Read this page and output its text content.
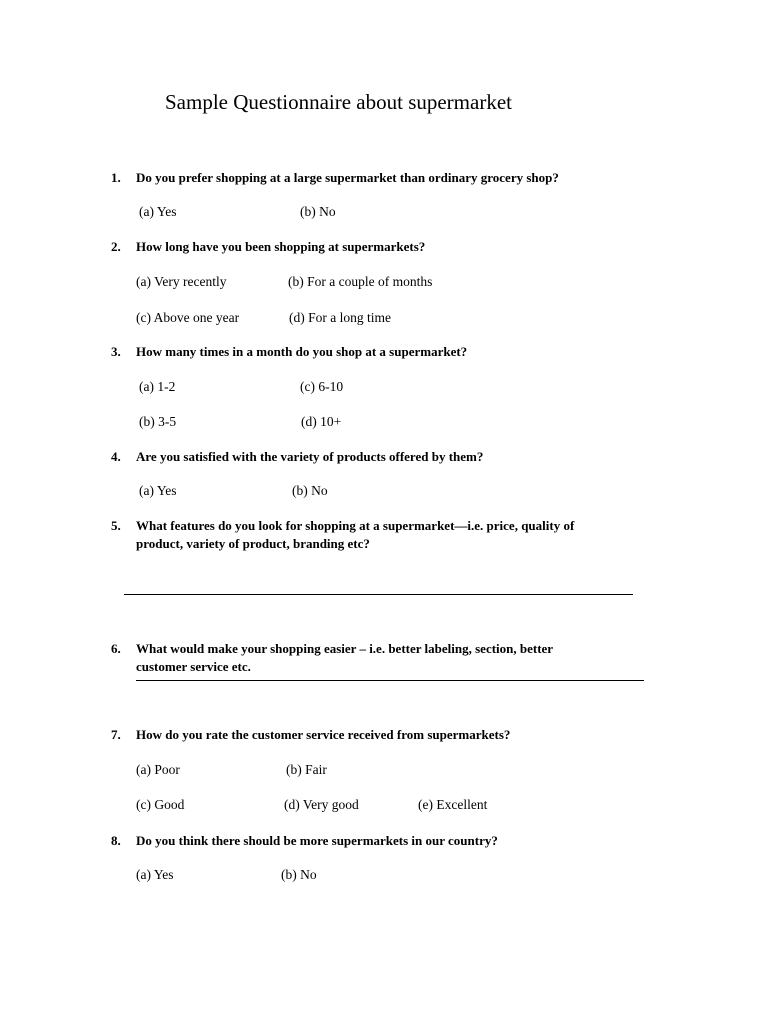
Sample Questionnaire about supermarket
1. Do you prefer shopping at a large supermarket than ordinary grocery shop?
(a) Yes	(b) No
2. How long have you been shopping at supermarkets?
(a) Very recently	(b) For a couple of months
(c) Above one year	(d) For a long time
3. How many times in a month do you shop at a supermarket?
(a) 1-2	(c) 6-10
(b) 3-5	(d) 10+
4. Are you satisfied with the variety of products offered by them?
(a) Yes	(b) No
5. What features do you look for shopping at a supermarket—i.e. price, quality of
product, variety of product, branding etc?
6. What would make your shopping easier – i.e. better labeling, section, better
customer service etc.
7. How do you rate the customer service received from supermarkets?
(a) Poor	(b) Fair
(c) Good	(d) Very good	(e) Excellent
8. Do you think there should be more supermarkets in our country?
(a) Yes	(b) No
